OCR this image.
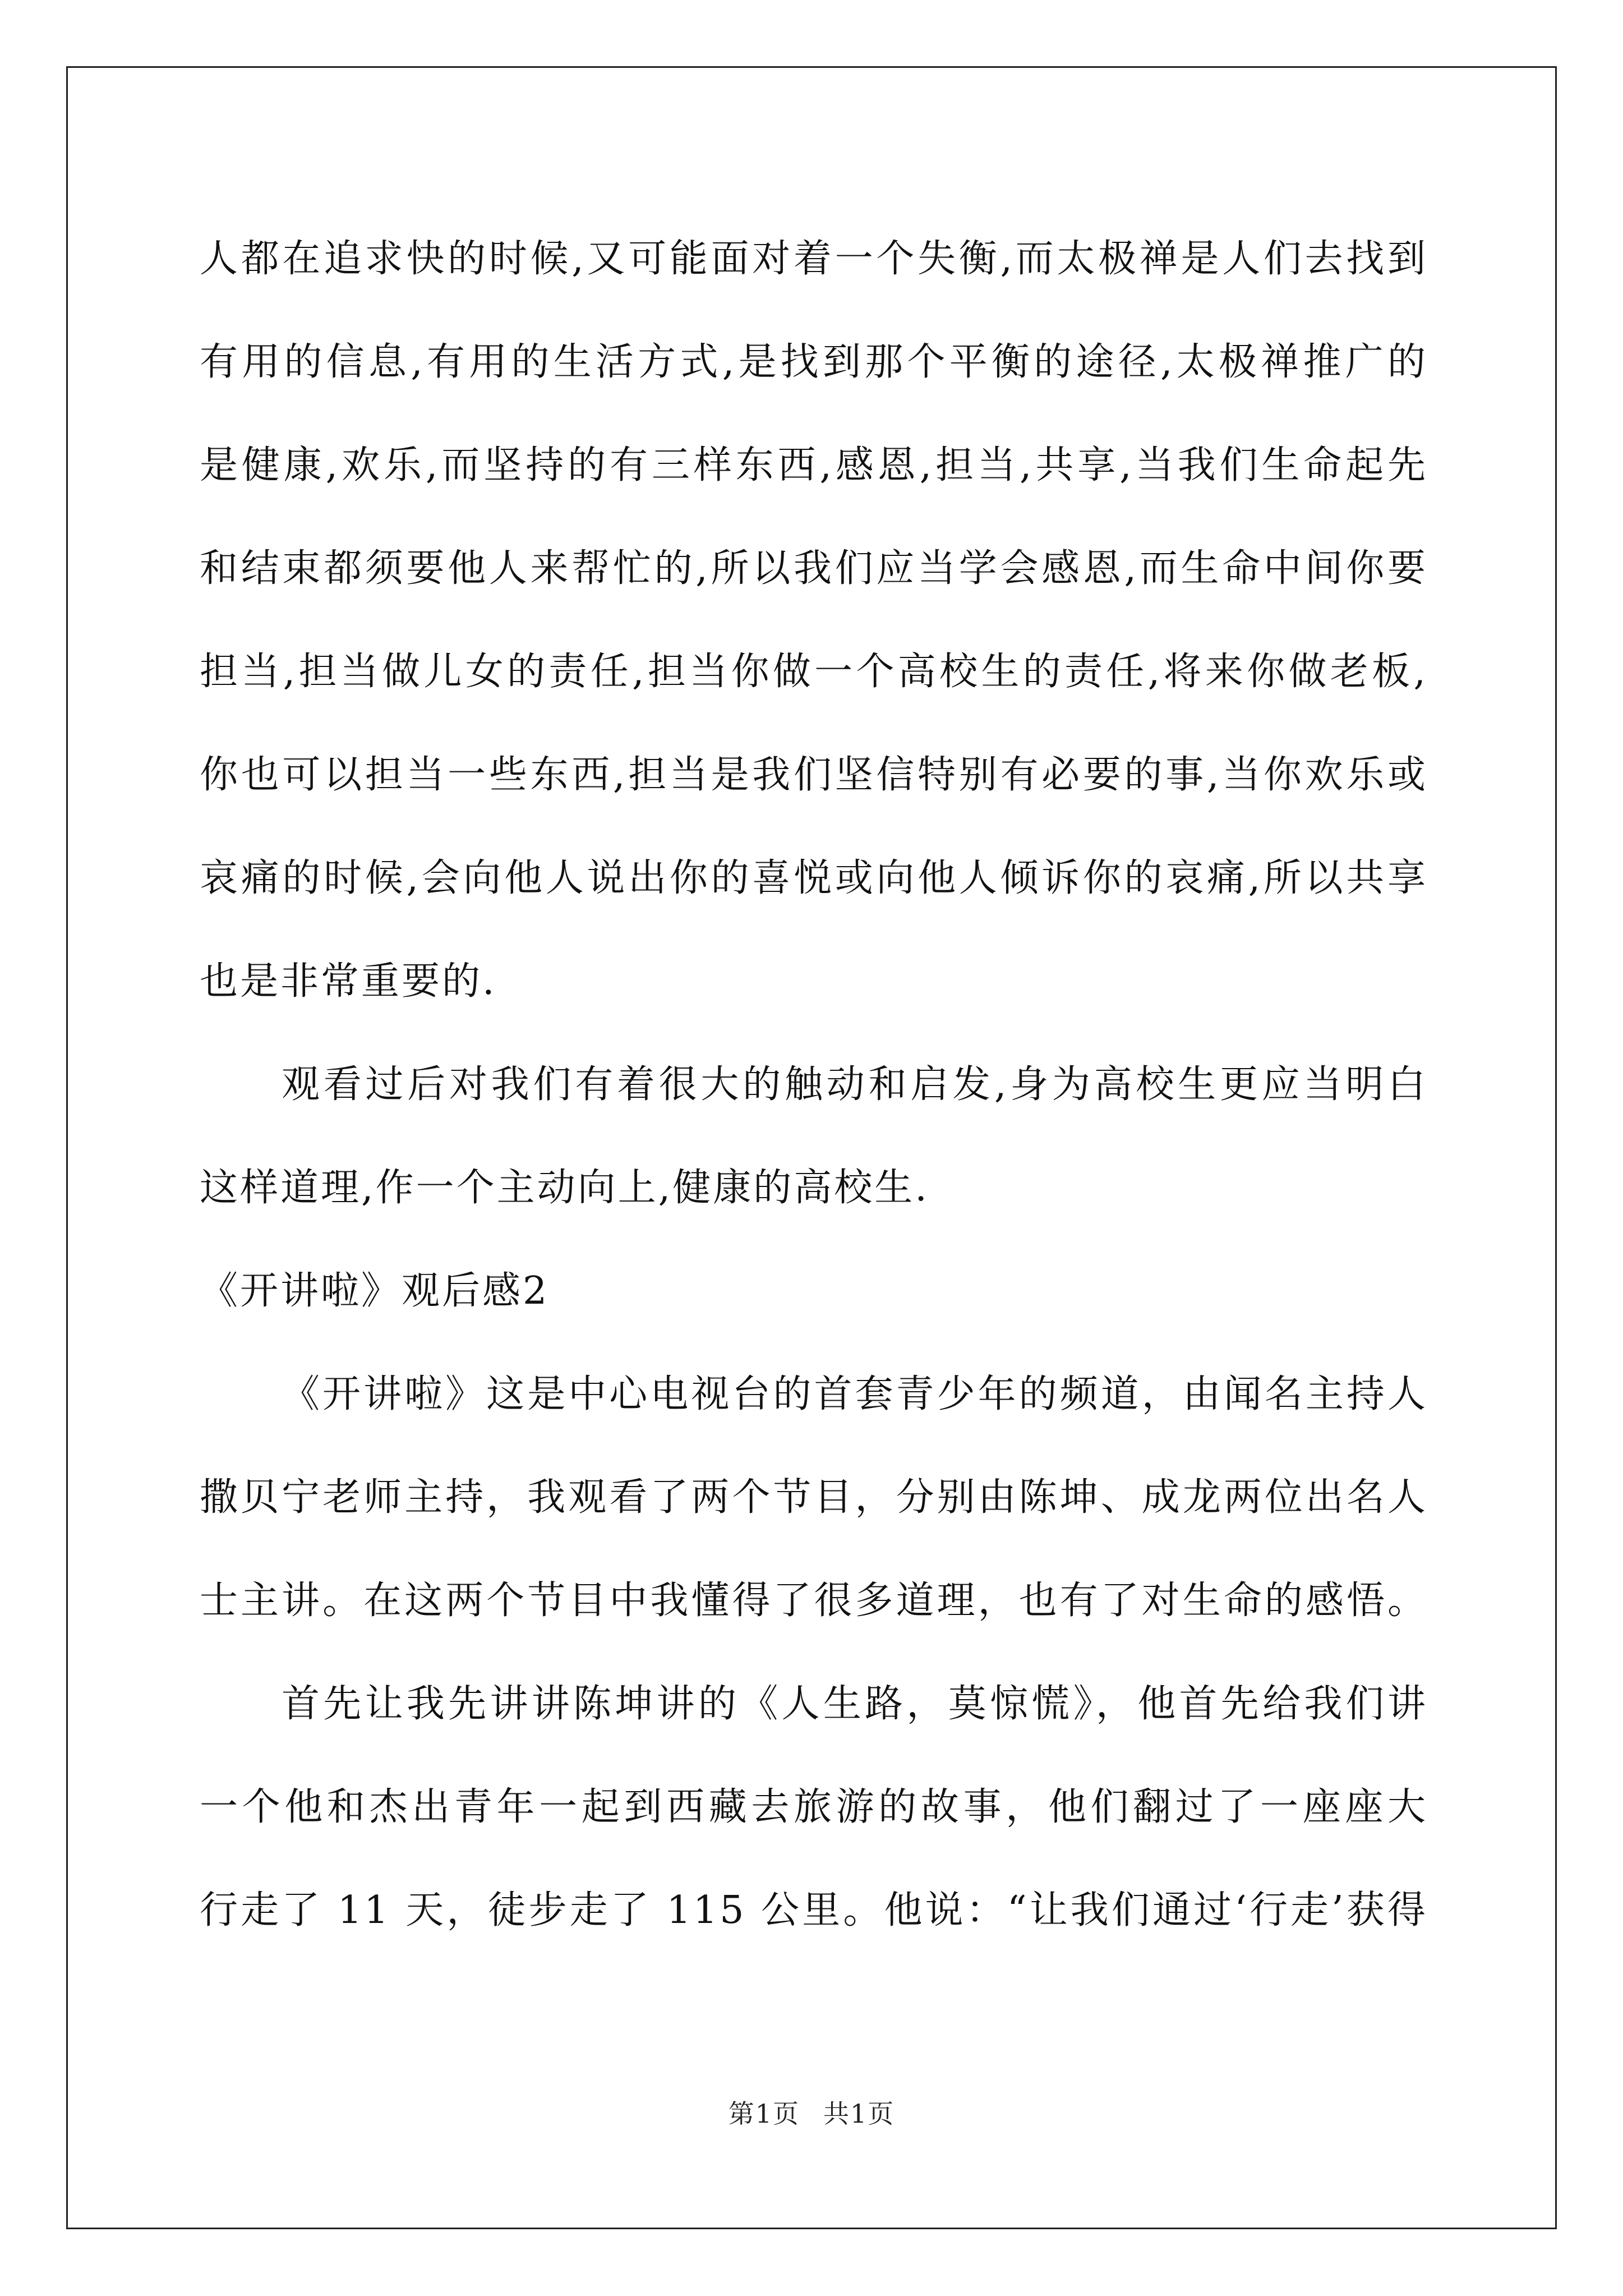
人都在追求快的时候,又可能面对着一个失衡,而太极禅是人们去找到
有用的信息,有用的生活方式,是找到那个平衡的途径,太极禅推广的
是健康,欢乐,而坚持的有三样东西,感恩,担当,共享,当我们生命起先
和结束都须要他人来帮忙的,所以我们应当学会感恩,而生命中间你要
担当,担当做儿女的责任,担当你做一个高校生的责任,将来你做老板,
你也可以担当一些东西,担当是我们坚信特别有必要的事,当你欢乐或
哀痛的时候,会向他人说出你的喜悦或向他人倾诉你的哀痛,所以共享
也是非常重要的.
观看过后对我们有着很大的触动和启发,身为高校生更应当明白
这样道理,作一个主动向上,健康的高校生.
《开讲啦》观后感2
《开讲啦》这是中心电视台的首套青少年的频道，由闻名主持人
撒贝宁老师主持，我观看了两个节目，分别由陈坤、成龙两位出名人
士主讲。在这两个节目中我懂得了很多道理，也有了对生命的感悟。
首先让我先讲讲陈坤讲的《人生路，莫惊慌》，他首先给我们讲
一个他和杰出青年一起到西藏去旅游的故事，他们翻过了一座座大
行走了 11 天，徒步走了 115 公里。他说：“让我们通过‘行走’获得
第1页 共1页
